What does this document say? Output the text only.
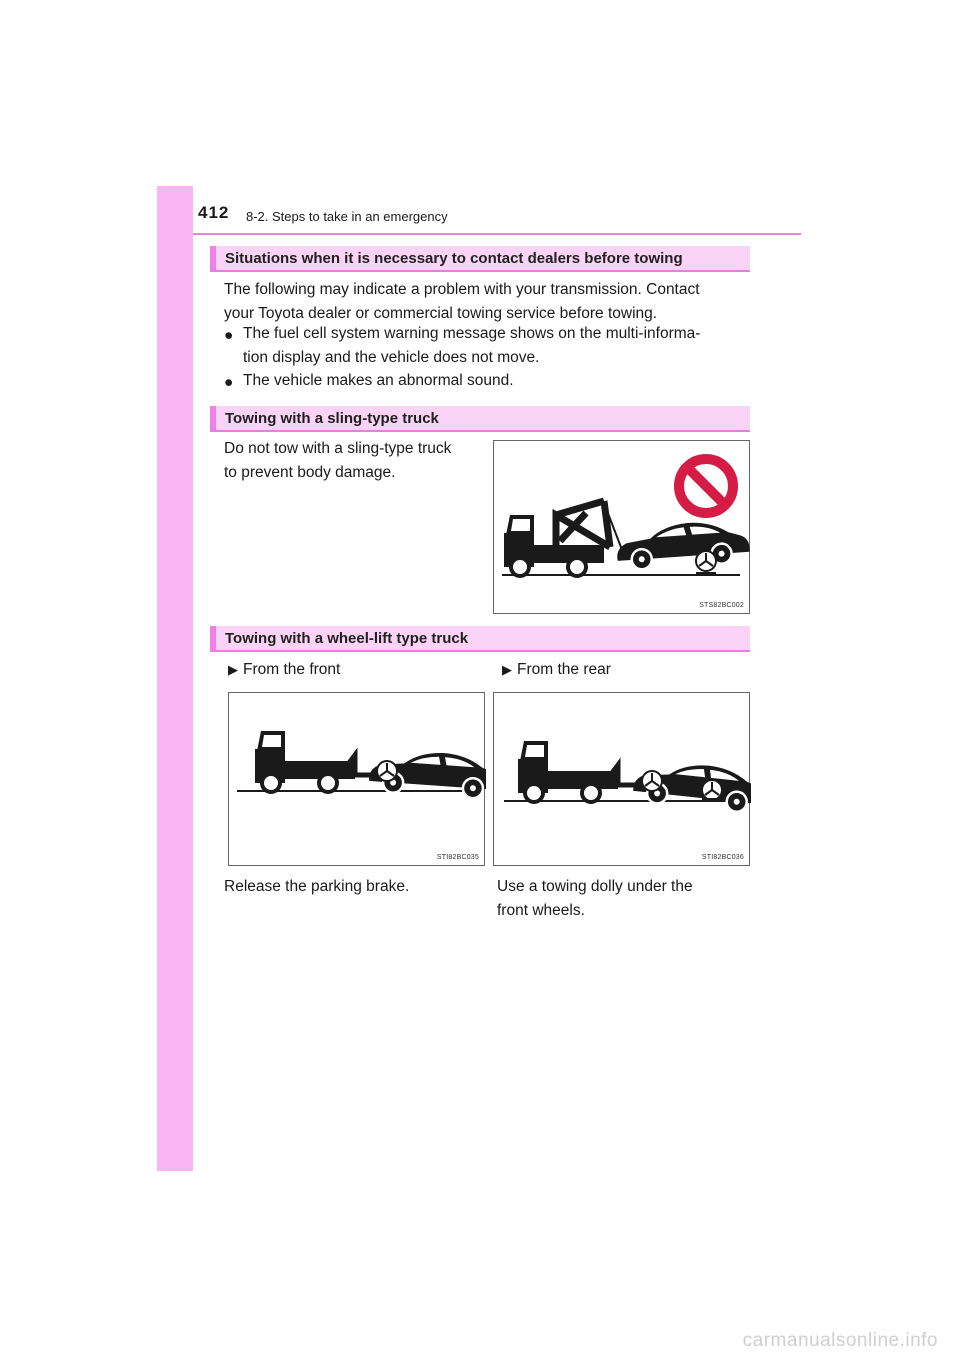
412 8-2. Steps to take in an emergency
Situations when it is necessary to contact dealers before towing
The following may indicate a problem with your transmission. Contact
your Toyota dealer or commercial towing service before towing.
● The fuel cell system warning message shows on the multi-informa-
tion display and the vehicle does not move.
● The vehicle makes an abnormal sound.
Towing with a sling-type truck
Do not tow with a sling-type truck
to prevent body damage.
STS82BC002
Towing with a wheel-lift type truck
▶ From the front	▶ From the rear
STI82BC035	STI82BC036
Release the parking brake.	Use a towing dolly under the
front wheels.
carmanualsonline.info
